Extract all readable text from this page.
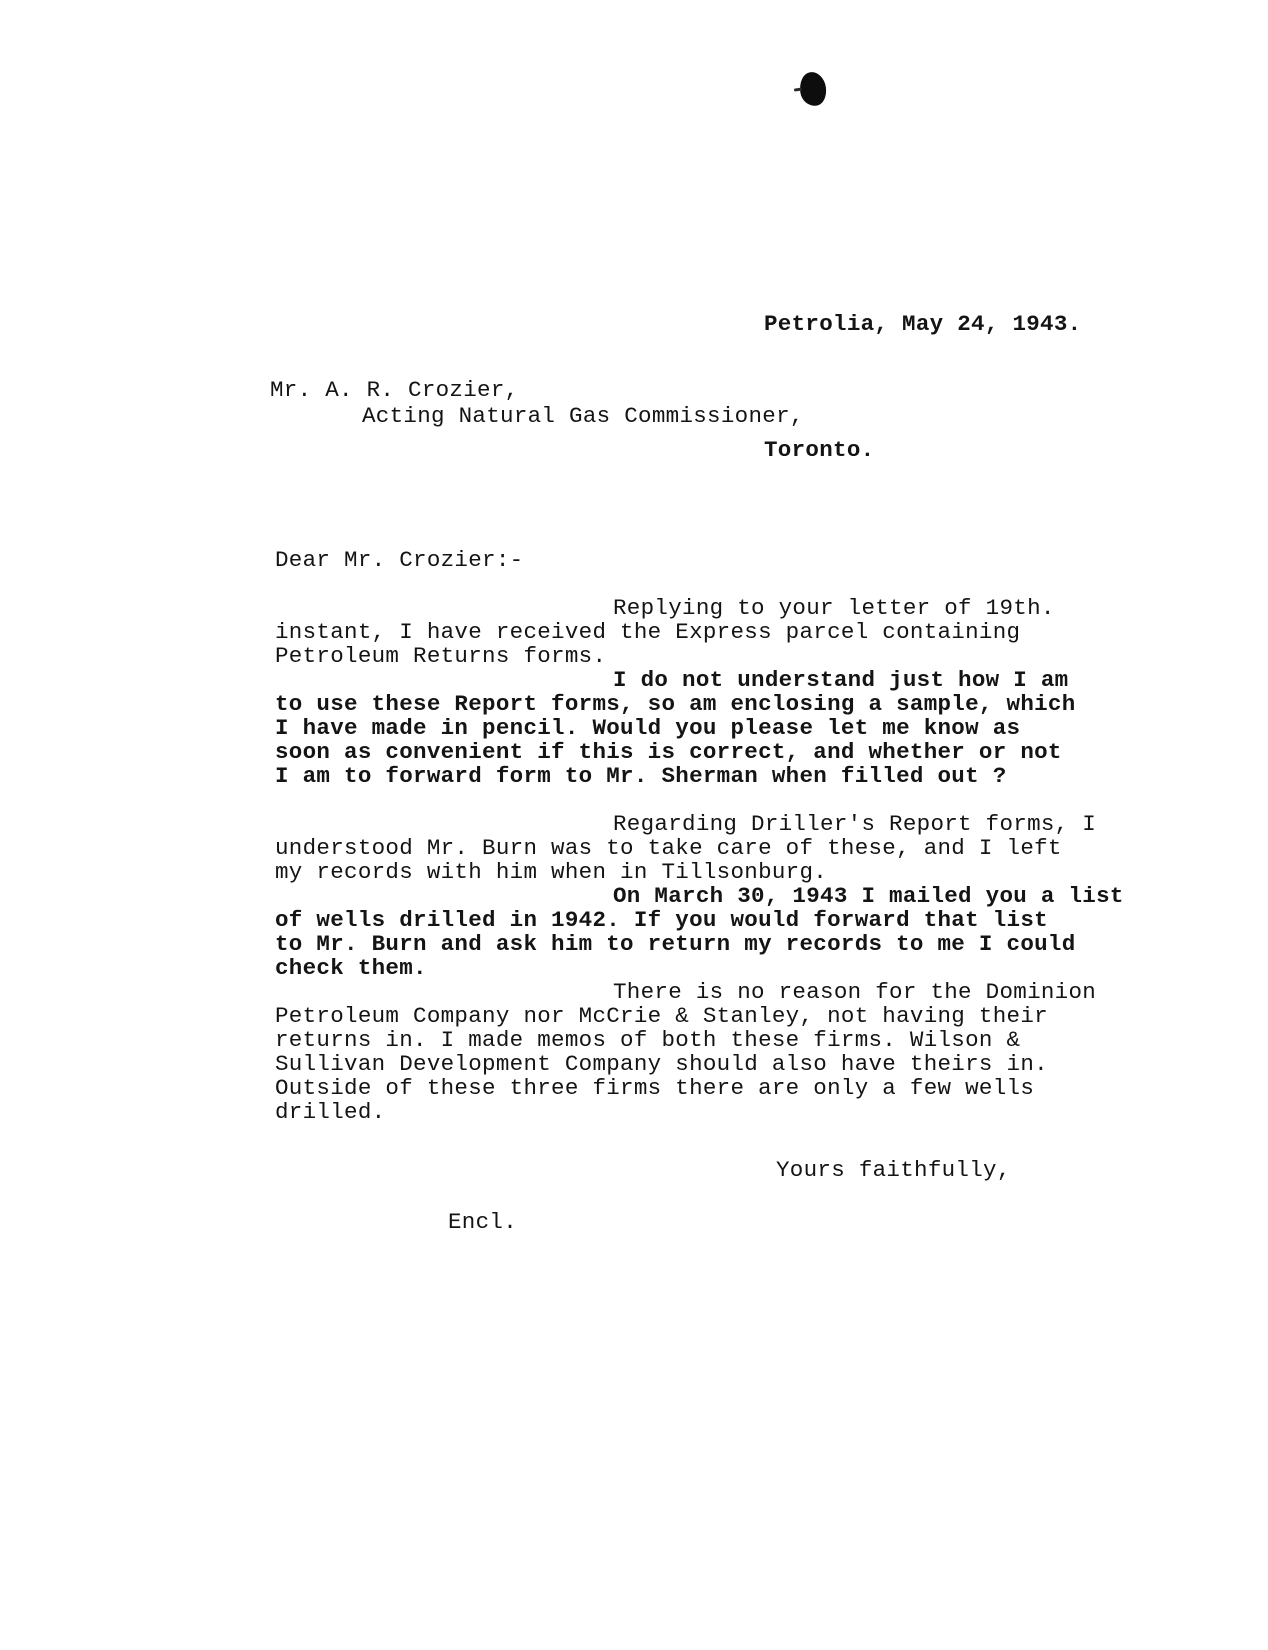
Petrolia, May 24, 1943.
Mr. A. R. Crozier,
Acting Natural Gas Commissioner,
Toronto.
Dear Mr. Crozier:-
Replying to your letter of 19th.
instant, I have received the Express parcel containing
Petroleum Returns forms.
I do not understand just how I am
to use these Report forms, so am enclosing a sample, which
I have made in pencil. Would you please let me know as
soon as convenient if this is correct, and whether or not
I am to forward form to Mr. Sherman when filled out ?
Regarding Driller's Report forms, I
understood Mr. Burn was to take care of these, and I left
my records with him when in Tillsonburg.
On March 30, 1943 I mailed you a list
of wells drilled in 1942. If you would forward that list
to Mr. Burn and ask him to return my records to me I could
check them.
There is no reason for the Dominion
Petroleum Company nor McCrie & Stanley, not having their
returns in. I made memos of both these firms. Wilson &
Sullivan Development Company should also have theirs in.
Outside of these three firms there are only a few wells
drilled.
Yours faithfully,
Encl.
